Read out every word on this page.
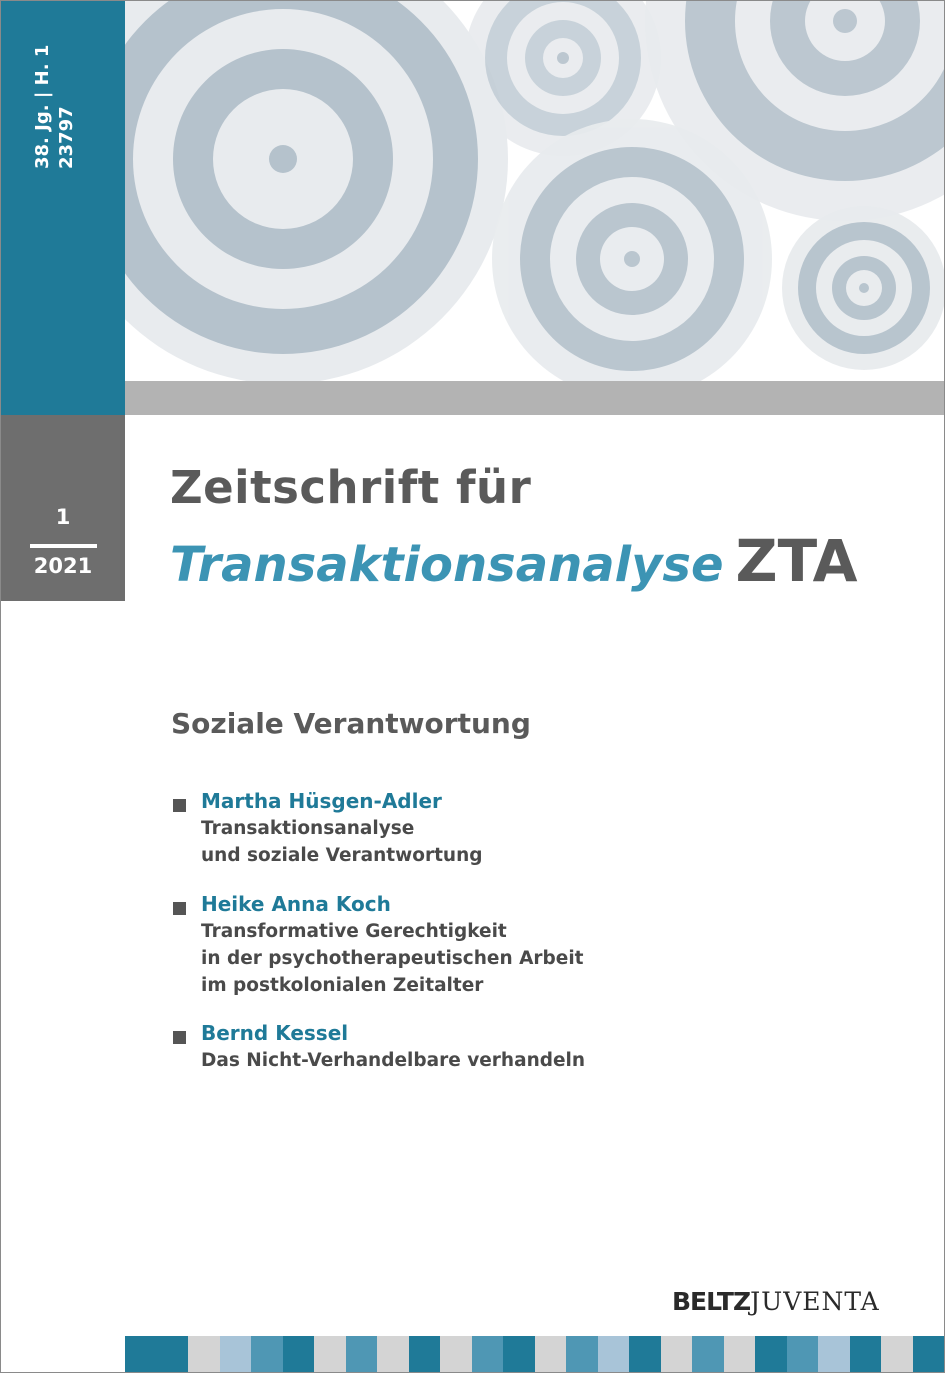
38. Jg. | H. 1 23797
1
2021
Zeitschrift für
Transaktionsanalyse ZTA
Soziale Verantwortung
Martha Hüsgen-Adler
Transaktionsanalyse
und soziale Verantwortung
Heike Anna Koch
Transformative Gerechtigkeit
in der psychotherapeutischen Arbeit
im postkolonialen Zeitalter
Bernd Kessel
Das Nicht-Verhandelbare verhandeln
BELTZJUVENTA
